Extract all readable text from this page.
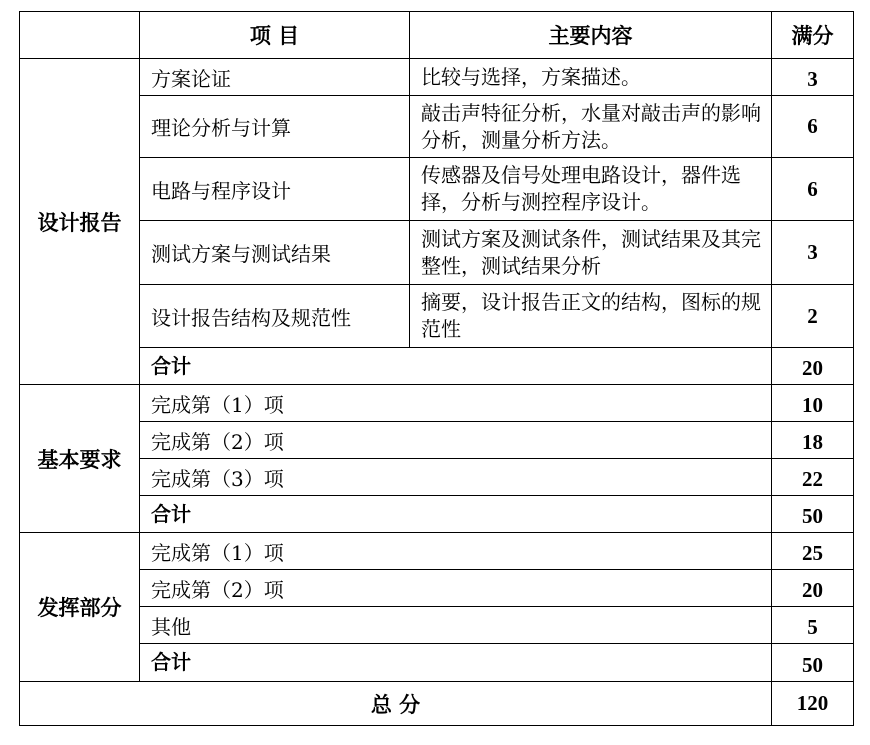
	项 目	主要内容	满分
设计报告	方案论证	比较与选择，方案描述。	3
	理论分析与计算	敲击声特征分析，水量对敲击声的影响分析，测量分析方法。	6
	电路与程序设计	传感器及信号处理电路设计，器件选择，分析与测控程序设计。	6
	测试方案与测试结果	测试方案及测试条件，测试结果及其完整性，测试结果分析	3
	设计报告结构及规范性	摘要，设计报告正文的结构，图标的规范性	2
	合计		20
基本要求	完成第（1）项		10
	完成第（2）项		18
	完成第（3）项		22
	合计		50
发挥部分	完成第（1）项		25
	完成第（2）项		20
	其他		5
	合计		50
总 分			120
